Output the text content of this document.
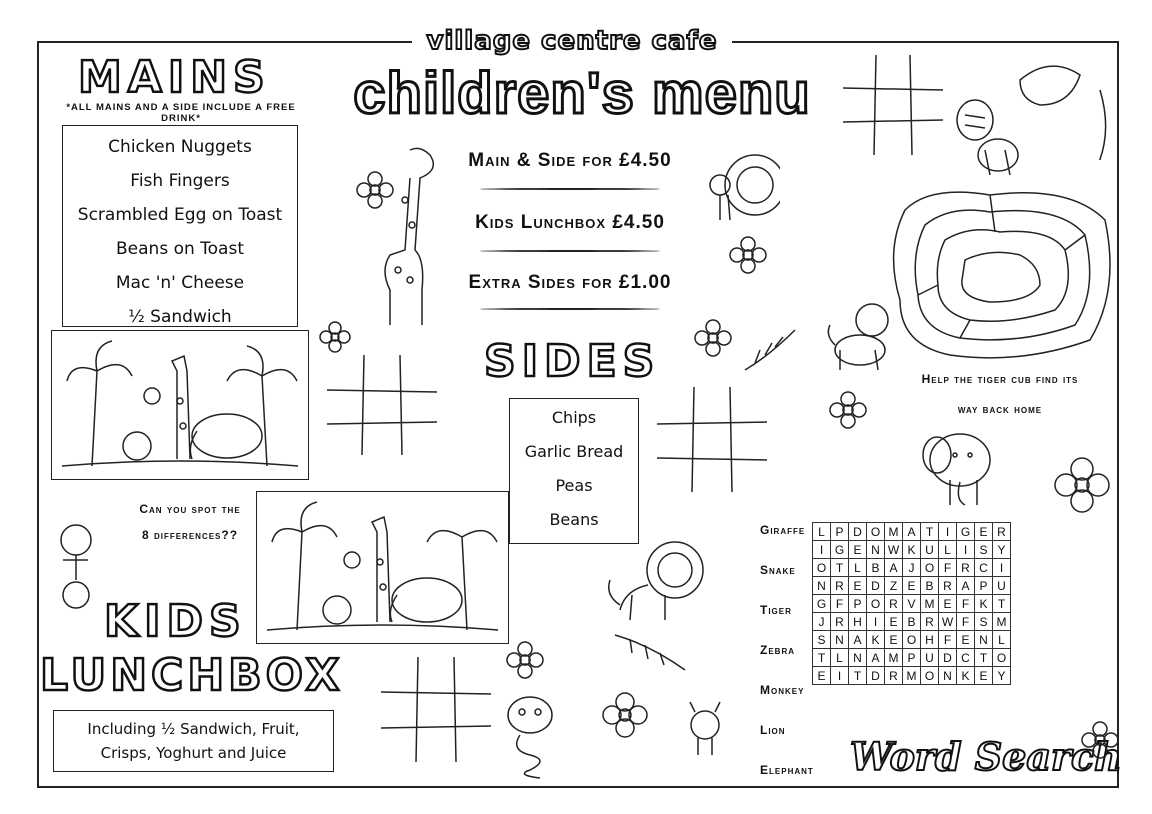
village centre cafe
children's menu
MAINS
*ALL MAINS AND A SIDE INCLUDE A FREE DRINK*
Chicken Nuggets
Fish Fingers
Scrambled Egg on Toast
Beans on Toast
Mac 'n' Cheese
½ Sandwich
Main & Side for £4.50
Kids Lunchbox £4.50
Extra Sides for £1.00
SIDES
Chips
Garlic Bread
Peas
Beans
Can you spot the
8 differences??
KIDS
LUNCHBOX
Including ½ Sandwich, Fruit,
Crisps, Yoghurt and Juice
Help the tiger cub find its
way back home
Giraffe
Snake
Tiger
Zebra
Monkey
Lion
Elephant
L	P	D	O	M	A	T	I	G	E	R
I	G	E	N	W	K	U	L	I	S	Y
O	T	L	B	A	J	O	F	R	C	I
N	R	E	D	Z	E	B	R	A	P	U
G	F	P	O	R	V	M	E	F	K	T
J	R	H	I	E	B	R	W	F	S	M
S	N	A	K	E	O	H	F	E	N	L
T	L	N	A	M	P	U	D	C	T	O
E	I	T	D	R	M	O	N	K	E	Y
Word Search
